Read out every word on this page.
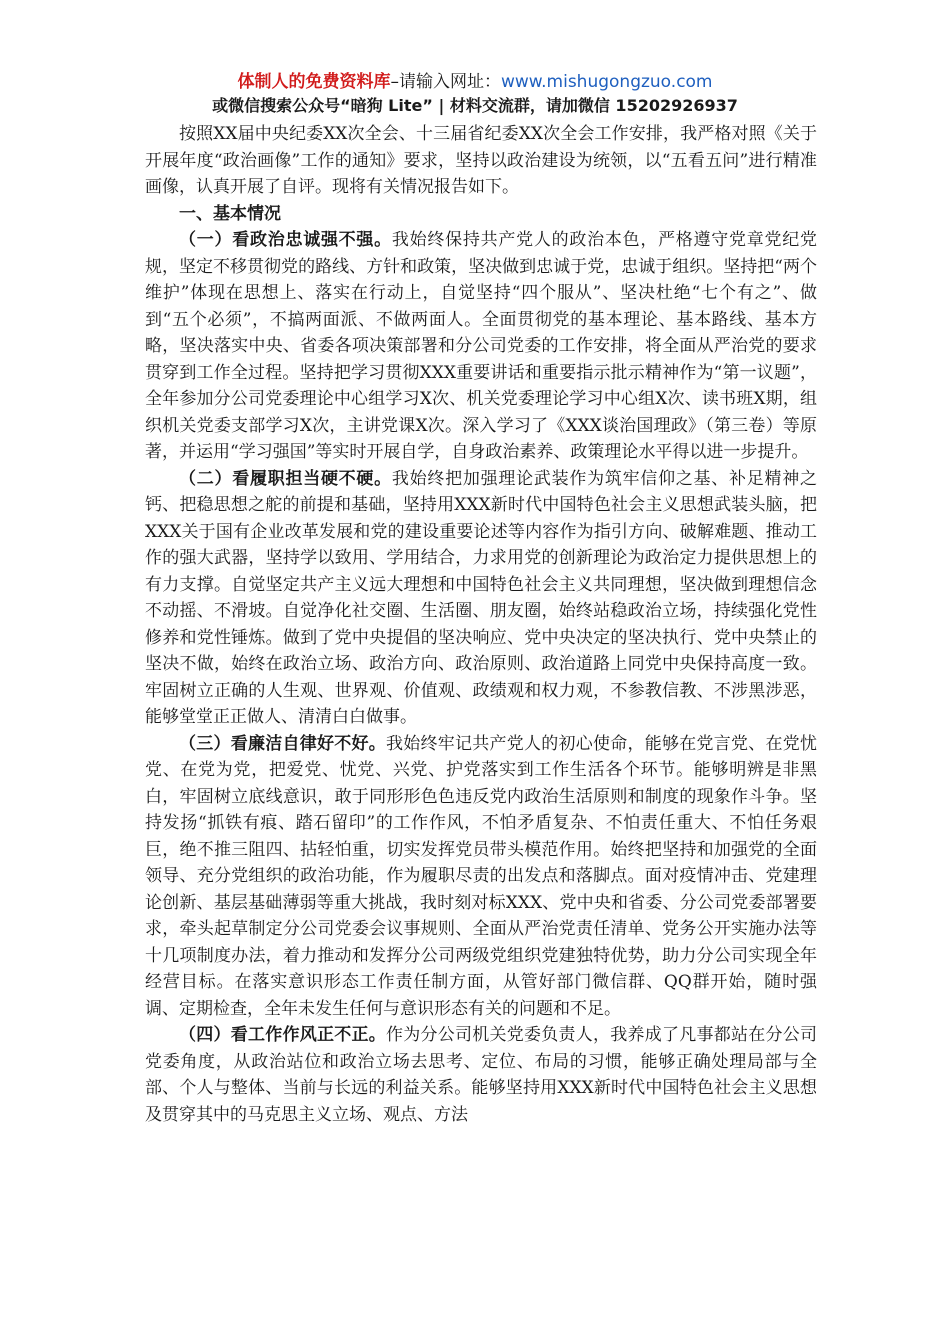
体制人的免费资料库–请输入网址：www.mishugongzuo.com
或微信搜索公众号“暗狗 Lite” | 材料交流群，请加微信 15202926937

按照XX届中央纪委XX次全会、十三届省纪委XX次全会工作安排，我严格对照《关于开展年度“政治画像”工作的通知》要求，坚持以政治建设为统领，以“五看五问”进行精准画像，认真开展了自评。现将有关情况报告如下。

一、基本情况

（一）看政治忠诚强不强。我始终保持共产党人的政治本色，严格遵守党章党纪党规，坚定不移贯彻党的路线、方针和政策，坚决做到忠诚于党，忠诚于组织。坚持把“两个维护”体现在思想上、落实在行动上，自觉坚持“四个服从”、坚决杜绝“七个有之”、做到“五个必须”，不搞两面派、不做两面人。全面贯彻党的基本理论、基本路线、基本方略，坚决落实中央、省委各项决策部署和分公司党委的工作安排，将全面从严治党的要求贯穿到工作全过程。坚持把学习贯彻XXX重要讲话和重要指示批示精神作为“第一议题”，全年参加分公司党委理论中心组学习X次、机关党委理论学习中心组X次、读书班X期，组织机关党委支部学习X次，主讲党课X次。深入学习了《XXX谈治国理政》（第三卷）等原著，并运用“学习强国”等实时开展自学，自身政治素养、政策理论水平得以进一步提升。

（二）看履职担当硬不硬。我始终把加强理论武装作为筑牢信仰之基、补足精神之钙、把稳思想之舵的前提和基础，坚持用XXX新时代中国特色社会主义思想武装头脑，把XXX关于国有企业改革发展和党的建设重要论述等内容作为指引方向、破解难题、推动工作的强大武器，坚持学以致用、学用结合，力求用党的创新理论为政治定力提供思想上的有力支撑。自觉坚定共产主义远大理想和中国特色社会主义共同理想，坚决做到理想信念不动摇、不滑坡。自觉净化社交圈、生活圈、朋友圈，始终站稳政治立场，持续强化党性修养和党性锤炼。做到了党中央提倡的坚决响应、党中央决定的坚决执行、党中央禁止的坚决不做，始终在政治立场、政治方向、政治原则、政治道路上同党中央保持高度一致。牢固树立正确的人生观、世界观、价值观、政绩观和权力观，不参教信教、不涉黑涉恶，能够堂堂正正做人、清清白白做事。

（三）看廉洁自律好不好。我始终牢记共产党人的初心使命，能够在党言党、在党忧党、在党为党，把爱党、忧党、兴党、护党落实到工作生活各个环节。能够明辨是非黑白，牢固树立底线意识，敢于同形形色色违反党内政治生活原则和制度的现象作斗争。坚持发扬“抓铁有痕、踏石留印”的工作作风，不怕矛盾复杂、不怕责任重大、不怕任务艰巨，绝不推三阻四、拈轻怕重，切实发挥党员带头模范作用。始终把坚持和加强党的全面领导、充分党组织的政治功能，作为履职尽责的出发点和落脚点。面对疫情冲击、党建理论创新、基层基础薄弱等重大挑战，我时刻对标XXX、党中央和省委、分公司党委部署要求，牵头起草制定分公司党委会议事规则、全面从严治党责任清单、党务公开实施办法等十几项制度办法，着力推动和发挥分公司两级党组织党建独特优势，助力分公司实现全年经营目标。在落实意识形态工作责任制方面，从管好部门微信群、QQ群开始，随时强调、定期检查，全年未发生任何与意识形态有关的问题和不足。

（四）看工作作风正不正。作为分公司机关党委负责人，我养成了凡事都站在分公司党委角度，从政治站位和政治立场去思考、定位、布局的习惯，能够正确处理局部与全部、个人与整体、当前与长远的利益关系。能够坚持用XXX新时代中国特色社会主义思想及贯穿其中的马克思主义立场、观点、方法
